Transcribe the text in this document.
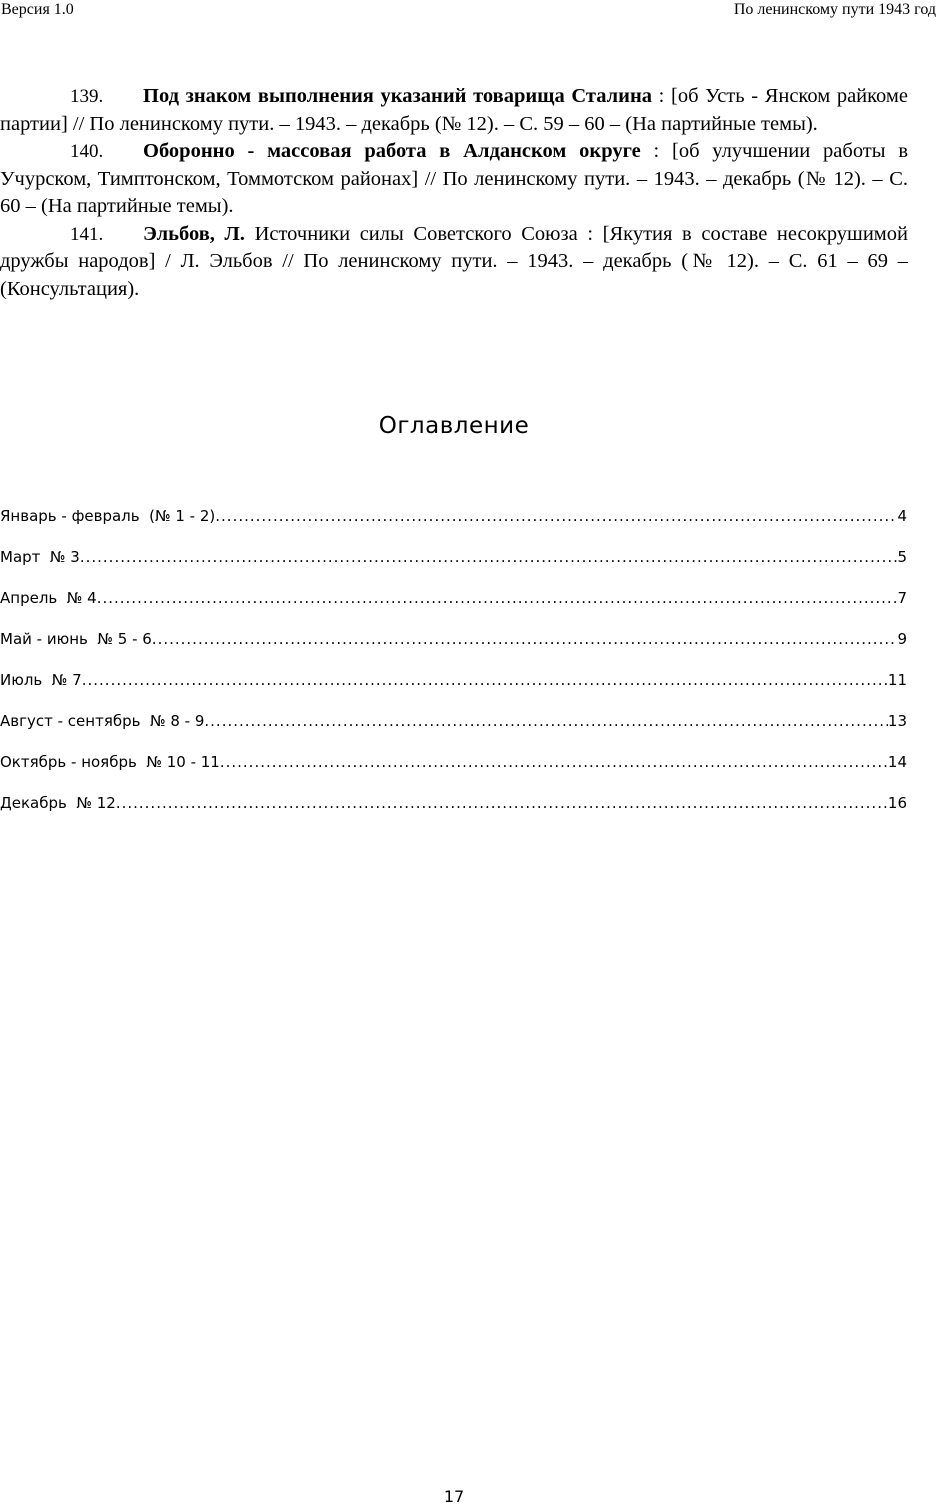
Версия 1.0	По ленинскому пути 1943 год

139. Под знаком выполнения указаний товарища Сталина : [об Усть - Янском райкоме партии] // По ленинскому пути. – 1943. – декабрь (№ 12). – С. 59 – 60 – (На партийные темы).

140. Оборонно - массовая работа в Алданском округе : [об улучшении работы в Учурском, Тимптонском, Томмотском районах] // По ленинскому пути. – 1943. – декабрь (№ 12). – С. 60 – (На партийные темы).

141. Эльбов, Л. Источники силы Советского Союза : [Якутия в составе несокрушимой дружбы народов] / Л. Эльбов // По ленинскому пути. – 1943. – декабрь (№ 12). – С. 61 – 69 – (Консультация).

Оглавление
Январь - февраль  (№ 1 - 2) .....	4
Март  № 3 .....	5
Апрель  № 4 .....	7
Май - июнь  № 5 - 6 .....	9
Июль  № 7 .....	11
Август - сентябрь  № 8 - 9 .....	13
Октябрь - ноябрь  № 10 - 11 .....	14
Декабрь  № 12 .....	16
17
